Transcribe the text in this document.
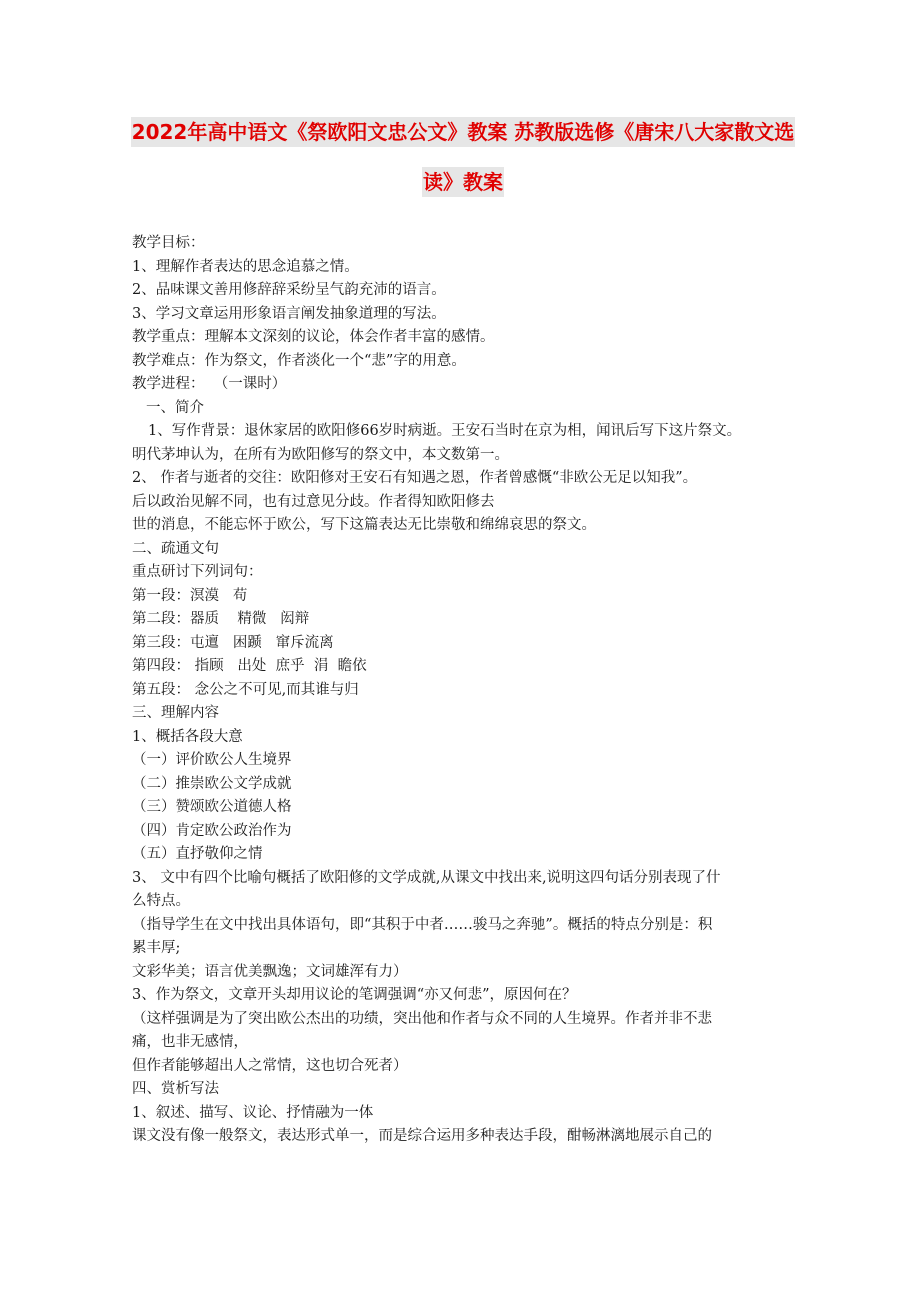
2022年高中语文《祭欧阳文忠公文》教案 苏教版选修《唐宋八大家散文选
读》教案

教学目标：

1、理解作者表达的思念追慕之情。

2、品味课文善用修辞辞采纷呈气韵充沛的语言。

3、学习文章运用形象语言阐发抽象道理的写法。

教学重点：理解本文深刻的议论，体会作者丰富的感情。

教学难点：作为祭文，作者淡化一个“悲”字的用意。

教学进程：  （一课时）

一、简介

1、写作背景：退休家居的欧阳修66岁时病逝。王安石当时在京为相，闻讯后写下这片祭文。

明代茅坤认为，在所有为欧阳修写的祭文中，本文数第一。

2、 作者与逝者的交往：欧阳修对王安石有知遇之恩，作者曾感慨“非欧公无足以知我”。

后以政治见解不同，也有过意见分歧。作者得知欧阳修去

世的消息，不能忘怀于欧公，写下这篇表达无比崇敬和绵绵哀思的祭文。

二、疏通文句

重点研讨下列词句：

第一段：溟漠   苟

第二段：器质    精微   闳辩

第三段：屯邅   困踬   窜斥流离

第四段： 指顾   出处  庶乎  涓  瞻依

第五段： 念公之不可见,而其谁与归

三、理解内容

1、概括各段大意

（一）评价欧公人生境界

（二）推崇欧公文学成就

（三）赞颂欧公道德人格

（四）肯定欧公政治作为

（五）直抒敬仰之情

3、 文中有四个比喻句概括了欧阳修的文学成就,从课文中找出来,说明这四句话分别表现了什

么特点。

（指导学生在文中找出具体语句，即“其积于中者……骏马之奔驰”。概括的特点分别是：积

累丰厚;

文彩华美；语言优美飘逸；文词雄浑有力）

3、作为祭文，文章开头却用议论的笔调强调“亦又何悲”，原因何在？

（这样强调是为了突出欧公杰出的功绩，突出他和作者与众不同的人生境界。作者并非不悲

痛，也非无感情，

但作者能够超出人之常情，这也切合死者）

四、赏析写法

1、叙述、描写、议论、抒情融为一体

课文没有像一般祭文，表达形式单一，而是综合运用多种表达手段，酣畅淋漓地展示自己的
